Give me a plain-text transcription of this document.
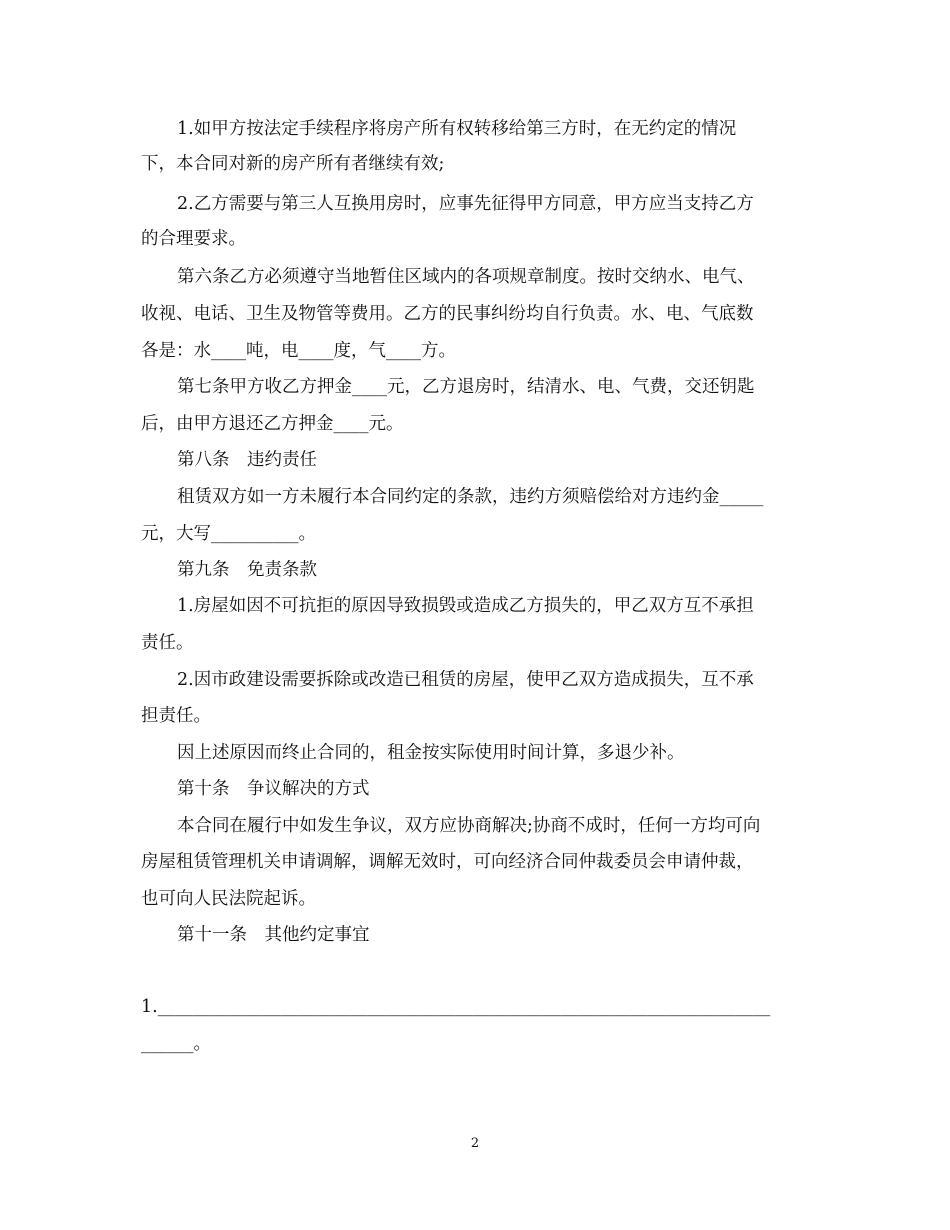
1.如甲方按法定手续程序将房产所有权转移给第三方时，在无约定的情况
下，本合同对新的房产所有者继续有效;
2.乙方需要与第三人互换用房时，应事先征得甲方同意，甲方应当支持乙方
的合理要求。
第六条乙方必须遵守当地暂住区域内的各项规章制度。按时交纳水、电气、
收视、电话、卫生及物管等费用。乙方的民事纠纷均自行负责。水、电、气底数
各是：水____吨，电____度，气____方。
第七条甲方收乙方押金____元，乙方退房时，结清水、电、气费，交还钥匙
后，由甲方退还乙方押金____元。
第八条　违约责任
租赁双方如一方未履行本合同约定的条款，违约方须赔偿给对方违约金_____
元，大写__________。
第九条　免责条款
1.房屋如因不可抗拒的原因导致损毁或造成乙方损失的，甲乙双方互不承担
责任。
2.因市政建设需要拆除或改造已租赁的房屋，使甲乙双方造成损失，互不承
担责任。
因上述原因而终止合同的，租金按实际使用时间计算，多退少补。
第十条　争议解决的方式
本合同在履行中如发生争议，双方应协商解决;协商不成时，任何一方均可向
房屋租赁管理机关申请调解，调解无效时，可向经济合同仲裁委员会申请仲裁，
也可向人民法院起诉。
第十一条　其他约定事宜
1.______________________________________________________________________
______。
2
